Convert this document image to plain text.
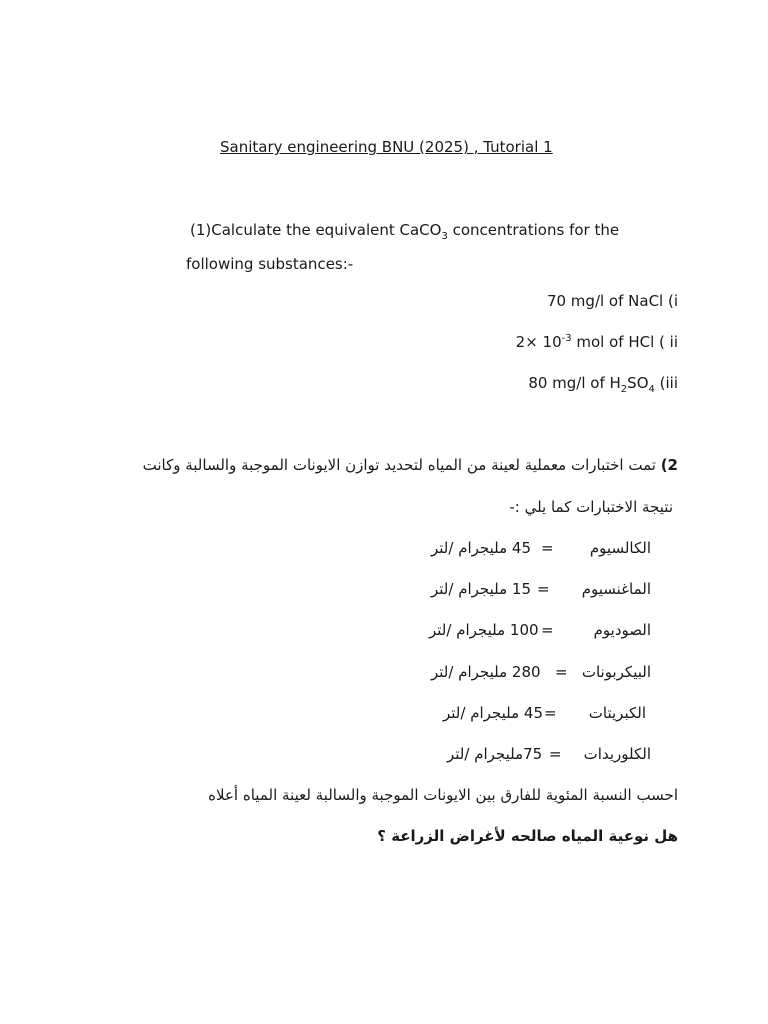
Sanitary engineering BNU (2025) , Tutorial 1
(1)Calculate the equivalent CaCO$_3$ concentrations for the
following substances:-
70 mg/l of NaCl (i
$2\times 10^{-3}$ mol of HCl ( ii
80 mg/l of $H_2SO_4$ (iii
(2 تمت اختبارات معملية لعينة من المياه لتحديد توازن الايونات الموجبة والسالبة وكانت
نتيجة الاختبارات كما يلي :-
الكالسيوم
=
45 مليجرام /لتر
الماغنسيوم
=
15 مليجرام /لتر
الصوديوم
=
100 مليجرام /لتر
البيكربونات
=
280 مليجرام /لتر
الكبريتات
=
45 مليجرام /لتر
الكلوريدات
=
75مليجرام /لتر
احسب النسبة المئوية للفارق بين الايونات الموجبة والسالبة لعينة المياه أعلاه
هل نوعية المياه صالحه لأغراض الزراعة ؟
